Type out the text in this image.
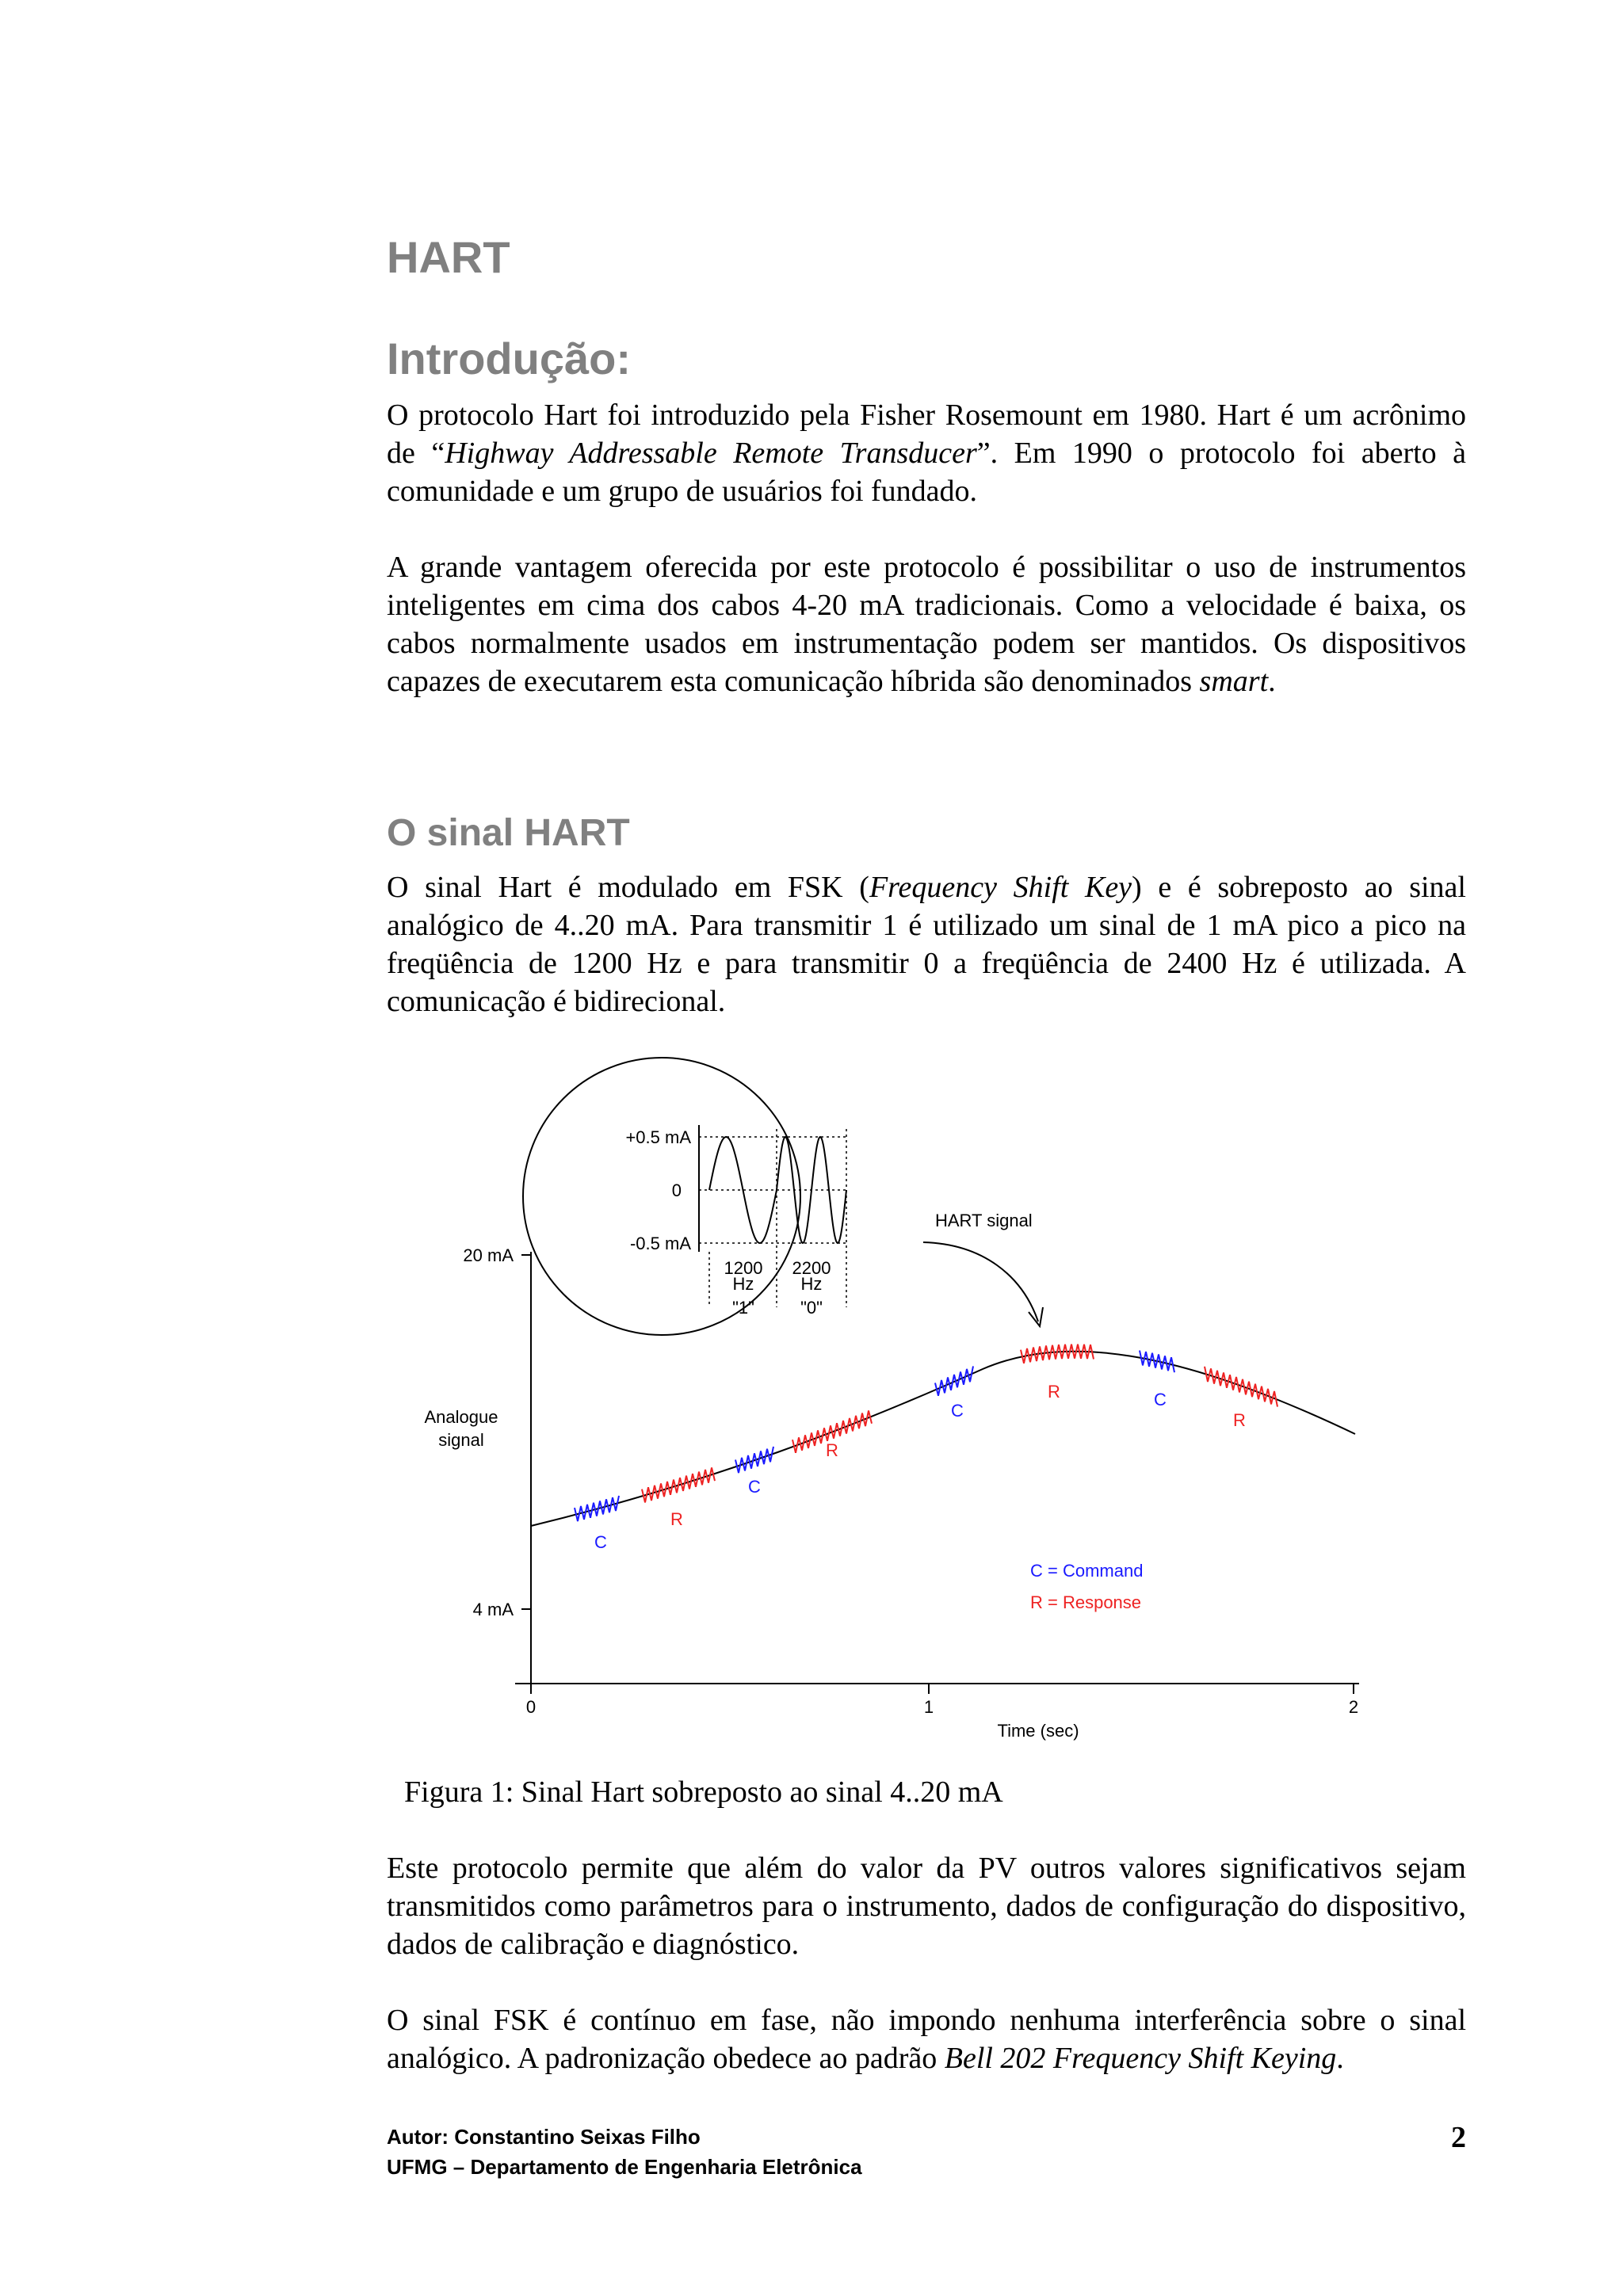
HART
Introdução:

O protocolo Hart foi introduzido pela Fisher Rosemount em 1980. Hart é um acrônimo de “Highway Addressable Remote Transducer”. Em 1990 o protocolo foi aberto à comunidade e um grupo de usuários foi fundado.

A grande vantagem oferecida por este protocolo é possibilitar o uso de instrumentos inteligentes em cima dos cabos 4-20 mA tradicionais. Como a velocidade é baixa, os cabos normalmente usados em instrumentação podem ser mantidos. Os dispositivos capazes de executarem esta comunicação híbrida são denominados smart.

O sinal HART

O sinal Hart é modulado em FSK (Frequency Shift Key) e é sobreposto ao sinal analógico de 4..20 mA. Para transmitir 1 é utilizado um sinal de 1 mA pico a pico na freqüência de 1200 Hz e para transmitir 0 a freqüência de 2400 Hz é utilizada. A comunicação é bidirecional.

20 mA
4 mA
Analogue
signal
0	1	2
Time (sec)
C
R
C
R
C
R	C
R
C = Command
R = Response
+0.5 mA
0
-0.5 mA
1200
Hz
"1"
2200
Hz
"0"
HART signal

Figura 1: Sinal Hart sobreposto ao sinal 4..20 mA

Este protocolo permite que além do valor da PV outros valores significativos sejam transmitidos como parâmetros para o instrumento, dados de configuração do dispositivo, dados de calibração e diagnóstico.

O sinal FSK é contínuo em fase, não impondo nenhuma interferência sobre o sinal analógico. A padronização obedece ao padrão Bell 202 Frequency Shift Keying.

Autor: Constantino Seixas Filho

UFMG – Departamento de Engenharia Eletrônica

2
